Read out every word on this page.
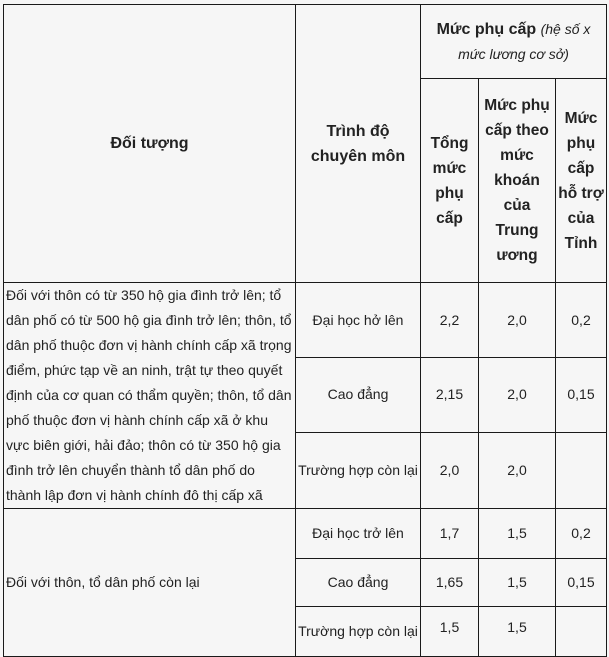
Đối tượng	Trình độ chuyên môn	Mức phụ cấp (hệ số x mức lương cơ sở)		
		Tổng mức phụ cấp	Mức phụ cấp theo mức khoán của Trung ương	Mức phụ cấp hỗ trợ của Tỉnh
Đối với thôn có từ 350 hộ gia đình trở lên; tổ dân phố có từ 500 hộ gia đình trở lên; thôn, tổ dân phố thuộc đơn vị hành chính cấp xã trọng điểm, phức tạp về an ninh, trật tự theo quyết định của cơ quan có thẩm quyền; thôn, tổ dân phố thuộc đơn vị hành chính cấp xã ở khu vực biên giới, hải đảo; thôn có từ 350 hộ gia đình trở lên chuyển thành tổ dân phố do thành lập đơn vị hành chính đô thị cấp xã	Đại học hở lên	2,2	2,0	0,2
	Cao đẳng	2,15	2,0	0,15
	Trường hợp còn lại	2,0	2,0	
Đối với thôn, tổ dân phố còn lại	Đại học trở lên	1,7	1,5	0,2
	Cao đẳng	1,65	1,5	0,15
	Trường hợp còn lại	1,5	1,5	
